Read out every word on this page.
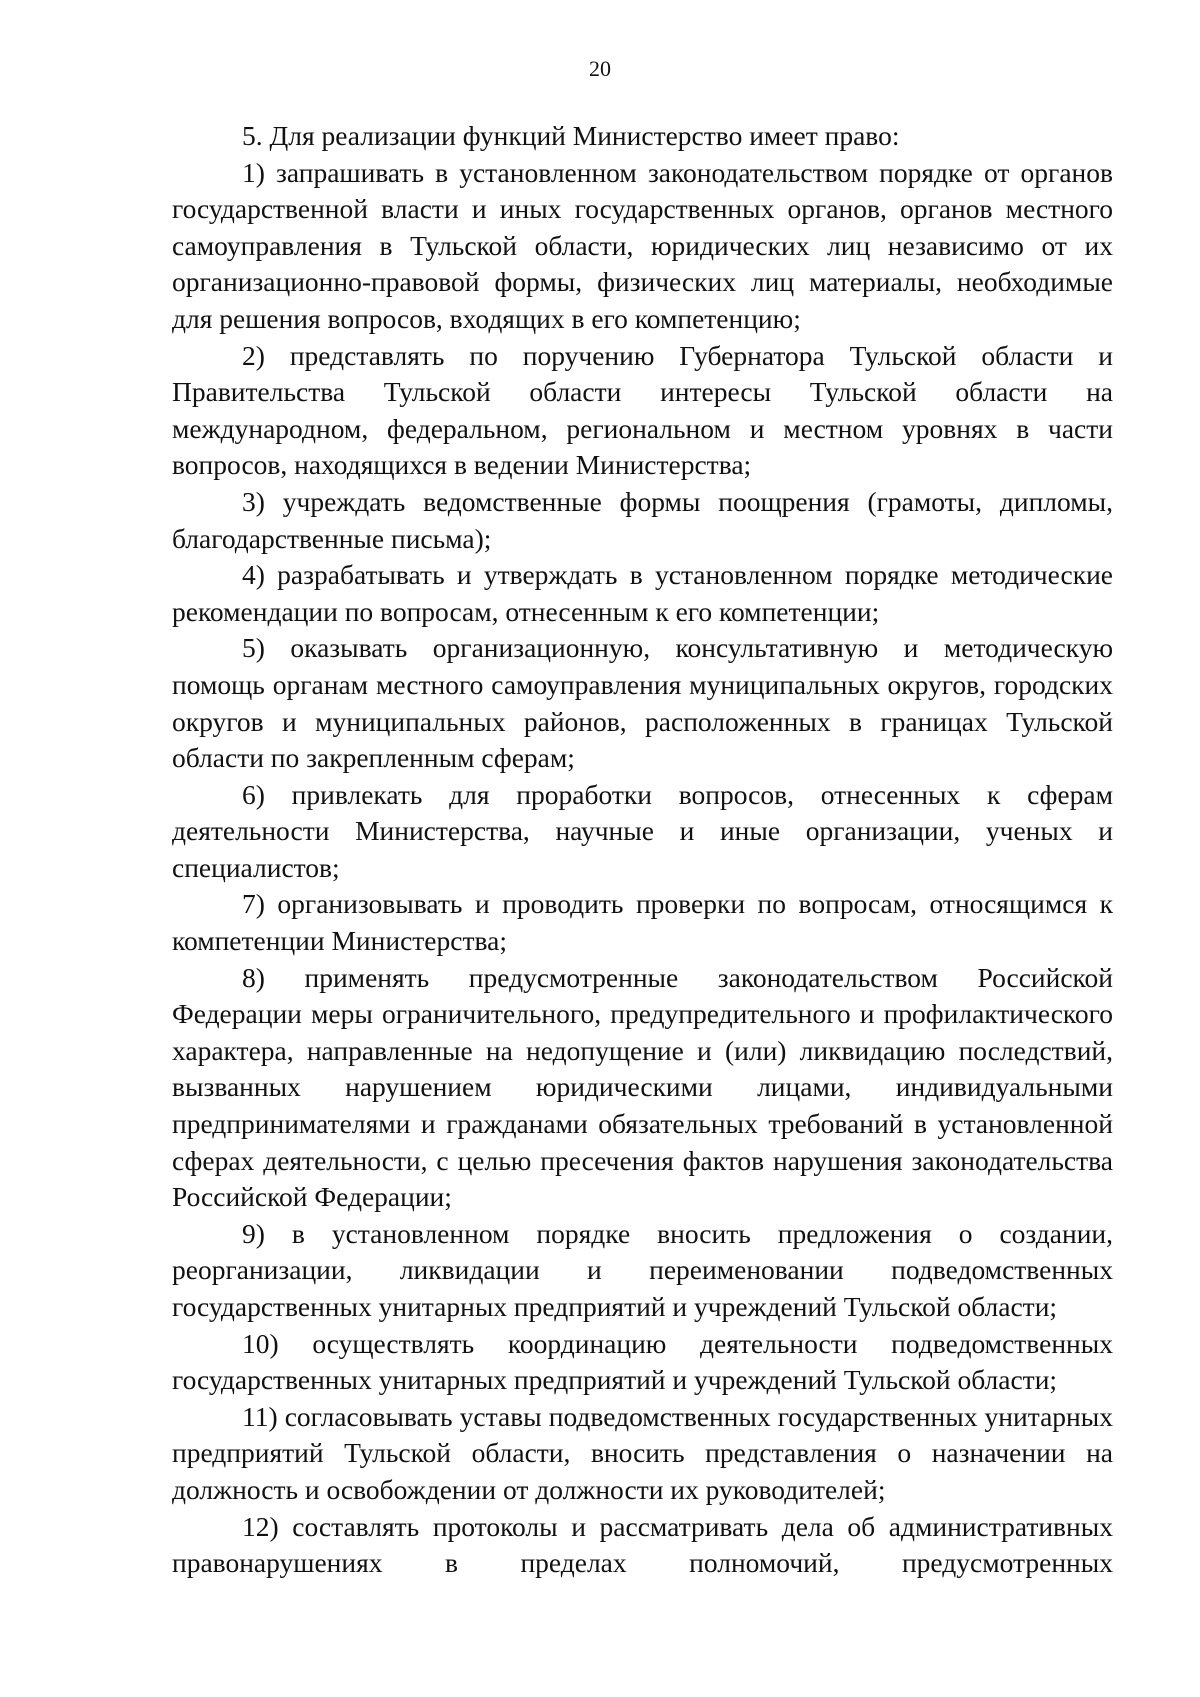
20

5. Для реализации функций Министерство имеет право:

1) запрашивать в установленном законодательством порядке от органов государственной власти и иных государственных органов, органов местного самоуправления в Тульской области, юридических лиц независимо от их организационно-правовой формы, физических лиц материалы, необходимые для решения вопросов, входящих в его компетенцию;

2) представлять по поручению Губернатора Тульской области и Правительства Тульской области интересы Тульской области на международном, федеральном, региональном и местном уровнях в части вопросов, находящихся в ведении Министерства;

3) учреждать ведомственные формы поощрения (грамоты, дипломы, благодарственные письма);

4) разрабатывать и утверждать в установленном порядке методические рекомендации по вопросам, отнесенным к его компетенции;

5) оказывать организационную, консультативную и методическую помощь органам местного самоуправления муниципальных округов, городских округов и муниципальных районов, расположенных в границах Тульской области по закрепленным сферам;

6) привлекать для проработки вопросов, отнесенных к сферам деятельности Министерства, научные и иные организации, ученых и специалистов;

7) организовывать и проводить проверки по вопросам, относящимся к компетенции Министерства;

8) применять предусмотренные законодательством Российской Федерации меры ограничительного, предупредительного и профилактического характера, направленные на недопущение и (или) ликвидацию последствий, вызванных нарушением юридическими лицами, индивидуальными предпринимателями и гражданами обязательных требований в установленной сферах деятельности, с целью пресечения фактов нарушения законодательства Российской Федерации;

9) в установленном порядке вносить предложения о создании, реорганизации, ликвидации и переименовании подведомственных государственных унитарных предприятий и учреждений Тульской области;

10) осуществлять координацию деятельности подведомственных государственных унитарных предприятий и учреждений Тульской области;

11) согласовывать уставы подведомственных государственных унитарных предприятий Тульской области, вносить представления о назначении на должность и освобождении от должности их руководителей;

12) составлять протоколы и рассматривать дела об административных правонарушениях в пределах полномочий, предусмотренных
